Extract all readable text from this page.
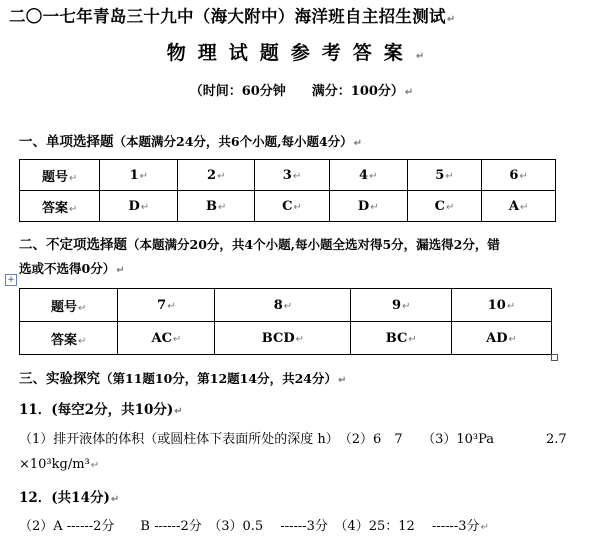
二〇一七年青岛三十九中（海大附中）海洋班自主招生测试↵
物理试题参考答案↵
（时间：60分钟　　满分：100分）↵
一、单项选择题（本题满分24分，共6个小题,每小题4分）↵
题号↵	1↵	2↵	3↵	4↵	5↵	6↵
答案↵	D↵	B↵	C↵	D↵	C↵	A↵
二、不定项选择题（本题满分20分，共4个小题,每小题全选对得5分，漏选得2分，错
选或不选得0分）↵
+
题号↵	7↵	8↵	9↵	10↵
答案↵	AC↵	BCD↵	BC↵	AD↵
三、实验探究（第11题10分，第12题14分，共24分）↵
11．(每空2分，共10分)↵
（1）排开液体的体积（或圆柱体下表面所处的深度 h）　（2）6　7　　（3）10³Pa　　　　2.7
×10³kg/m³↵
12．(共14分)↵
（2）A ------2分　　B ------2分　（3）0.5　 ------3分　（4）25：12　 ------3分↵
